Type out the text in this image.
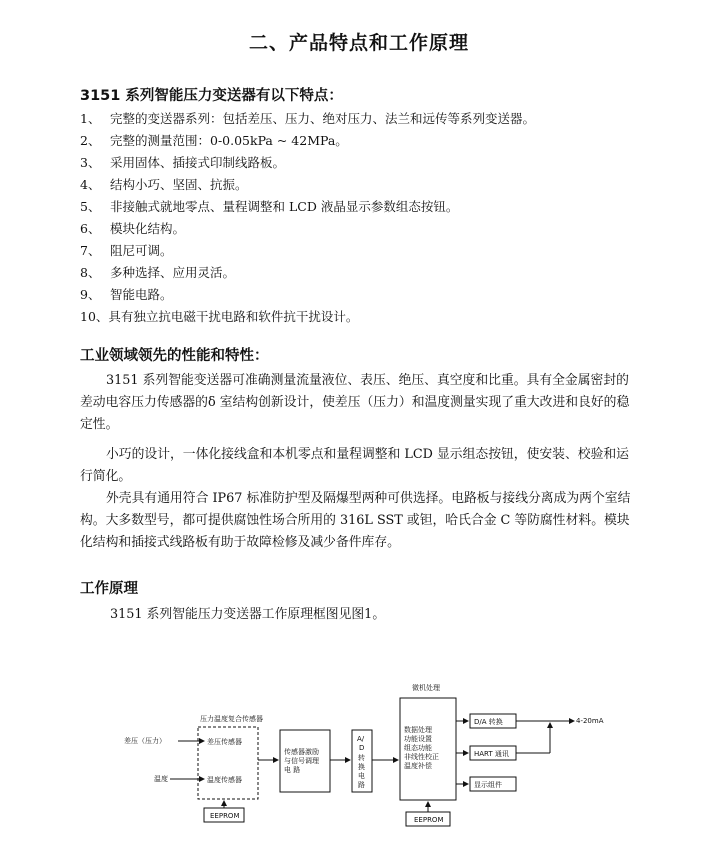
二、产品特点和工作原理
3151 系列智能压力变送器有以下特点：
1、 完整的变送器系列：包括差压、压力、绝对压力、法兰和远传等系列变送器。
2、 完整的测量范围：0-0.05kPa ~ 42MPa。
3、 采用固体、插接式印制线路板。
4、 结构小巧、坚固、抗振。
5、 非接触式就地零点、量程调整和 LCD 液晶显示参数组态按钮。
6、 模块化结构。
7、 阻尼可调。
8、 多种选择、应用灵活。
9、 智能电路。
10、具有独立抗电磁干扰电路和软件抗干扰设计。
工业领域领先的性能和特性：

3151 系列智能变送器可准确测量流量液位、表压、绝压、真空度和比重。具有全金属密封的差动电容压力传感器的δ 室结构创新设计，使差压（压力）和温度测量实现了重大改进和良好的稳定性。

小巧的设计，一体化接线盒和本机零点和量程调整和 LCD 显示组态按钮，使安装、校验和运行简化。

外壳具有通用符合 IP67 标准防护型及隔爆型两种可供选择。电路板与接线分离成为两个室结构。大多数型号，都可提供腐蚀性场合所用的 316L SST 或钽，哈氏合金 C 等防腐性材料。模块化结构和插接式线路板有助于故障检修及减少备件库存。

工作原理

3151 系列智能压力变送器工作原理框图见图1。

压力温度复合传感器
差压（压力）	差压传感器
温度	温度传感器
EEPROM
传感器激励
与信号调理
电 路
A/
D
转
换
电
路
微机处理
数据处理
功能设置
组态功能
非线性校正
温度补偿
EEPROM
D/A 转换
HART 通讯
显示组件
4-20mA
